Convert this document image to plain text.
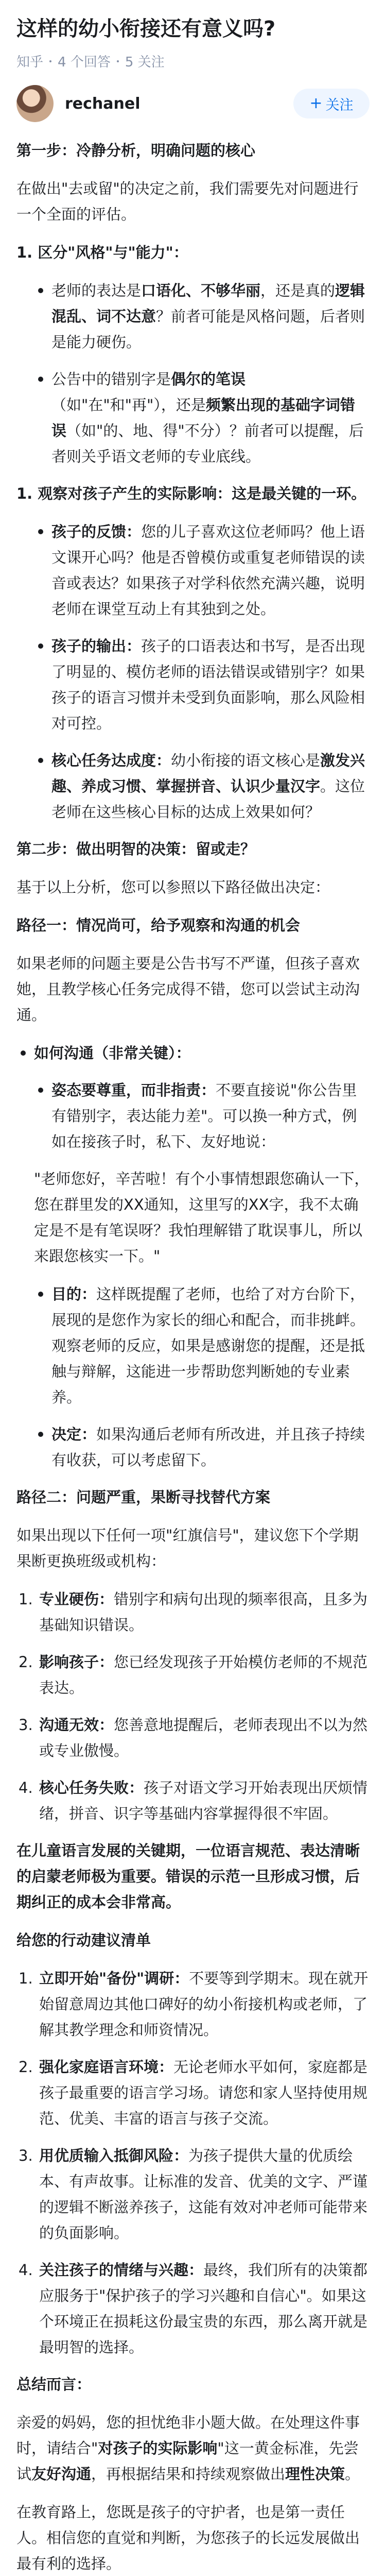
这样的幼小衔接还有意义吗?
知乎 4 个回答 5 关注
rechanel	+ 关注

第一步：冷静分析，明确问题的核心

在做出"去或留"的决定之前，我们需要先对问题进行一个全面的评估。

1. 区分"风格"与"能力"：

老师的表达是口语化、不够华丽，还是真的逻辑混乱、词不达意？前者可能是风格问题，后者则是能力硬伤。
公告中的错别字是偶尔的笔误（如"在"和"再"），还是频繁出现的基础字词错误（如"的、地、得"不分）？前者可以提醒，后者则关乎语文老师的专业底线。

1. 观察对孩子产生的实际影响：这是最关键的一环。

孩子的反馈：您的儿子喜欢这位老师吗？他上语文课开心吗？他是否曾模仿或重复老师错误的读音或表达？如果孩子对学科依然充满兴趣，说明老师在课堂互动上有其独到之处。
孩子的输出：孩子的口语表达和书写，是否出现了明显的、模仿老师的语法错误或错别字？如果孩子的语言习惯并未受到负面影响，那么风险相对可控。
核心任务达成度：幼小衔接的语文核心是激发兴趣、养成习惯、掌握拼音、认识少量汉字。这位老师在这些核心目标的达成上效果如何？

第二步：做出明智的决策：留或走？

基于以上分析，您可以参照以下路径做出决定：

路径一：情况尚可，给予观察和沟通的机会

如果老师的问题主要是公告书写不严谨，但孩子喜欢她，且教学核心任务完成得不错，您可以尝试主动沟通。

如何沟通（非常关键）：
姿态要尊重，而非指责：不要直接说"你公告里有错别字，表达能力差"。可以换一种方式，例如在接孩子时，私下、友好地说：

"老师您好，辛苦啦！有个小事情想跟您确认一下，您在群里发的XX通知，这里写的XX字，我不太确定是不是有笔误呀？我怕理解错了耽误事儿，所以来跟您核实一下。"

目的：这样既提醒了老师，也给了对方台阶下，展现的是您作为家长的细心和配合，而非挑衅。观察老师的反应，如果是感谢您的提醒，还是抵触与辩解，这能进一步帮助您判断她的专业素养。
决定：如果沟通后老师有所改进，并且孩子持续有收获，可以考虑留下。

路径二：问题严重，果断寻找替代方案

如果出现以下任何一项"红旗信号"，建议您下个学期果断更换班级或机构：

1. 专业硬伤：错别字和病句出现的频率很高，且多为基础知识错误。
2. 影响孩子：您已经发现孩子开始模仿老师的不规范表达。
3. 沟通无效：您善意地提醒后，老师表现出不以为然或专业傲慢。
4. 核心任务失败：孩子对语文学习开始表现出厌烦情绪，拼音、识字等基础内容掌握得很不牢固。

在儿童语言发展的关键期，一位语言规范、表达清晰的启蒙老师极为重要。错误的示范一旦形成习惯，后期纠正的成本会非常高。

给您的行动建议清单

1. 立即开始"备份"调研：不要等到学期末。现在就开始留意周边其他口碑好的幼小衔接机构或老师，了解其教学理念和师资情况。
2. 强化家庭语言环境：无论老师水平如何，家庭都是孩子最重要的语言学习场。请您和家人坚持使用规范、优美、丰富的语言与孩子交流。
3. 用优质输入抵御风险：为孩子提供大量的优质绘本、有声故事。让标准的发音、优美的文字、严谨的逻辑不断滋养孩子，这能有效对冲老师可能带来的负面影响。
4. 关注孩子的情绪与兴趣：最终，我们所有的决策都应服务于"保护孩子的学习兴趣和自信心"。如果这个环境正在损耗这份最宝贵的东西，那么离开就是最明智的选择。

总结而言：

亲爱的妈妈，您的担忧绝非小题大做。在处理这件事时，请结合"对孩子的实际影响"这一黄金标准，先尝试友好沟通，再根据结果和持续观察做出理性决策。

在教育路上，您既是孩子的守护者，也是第一责任人。相信您的直觉和判断，为您孩子的长远发展做出最有利的选择。
